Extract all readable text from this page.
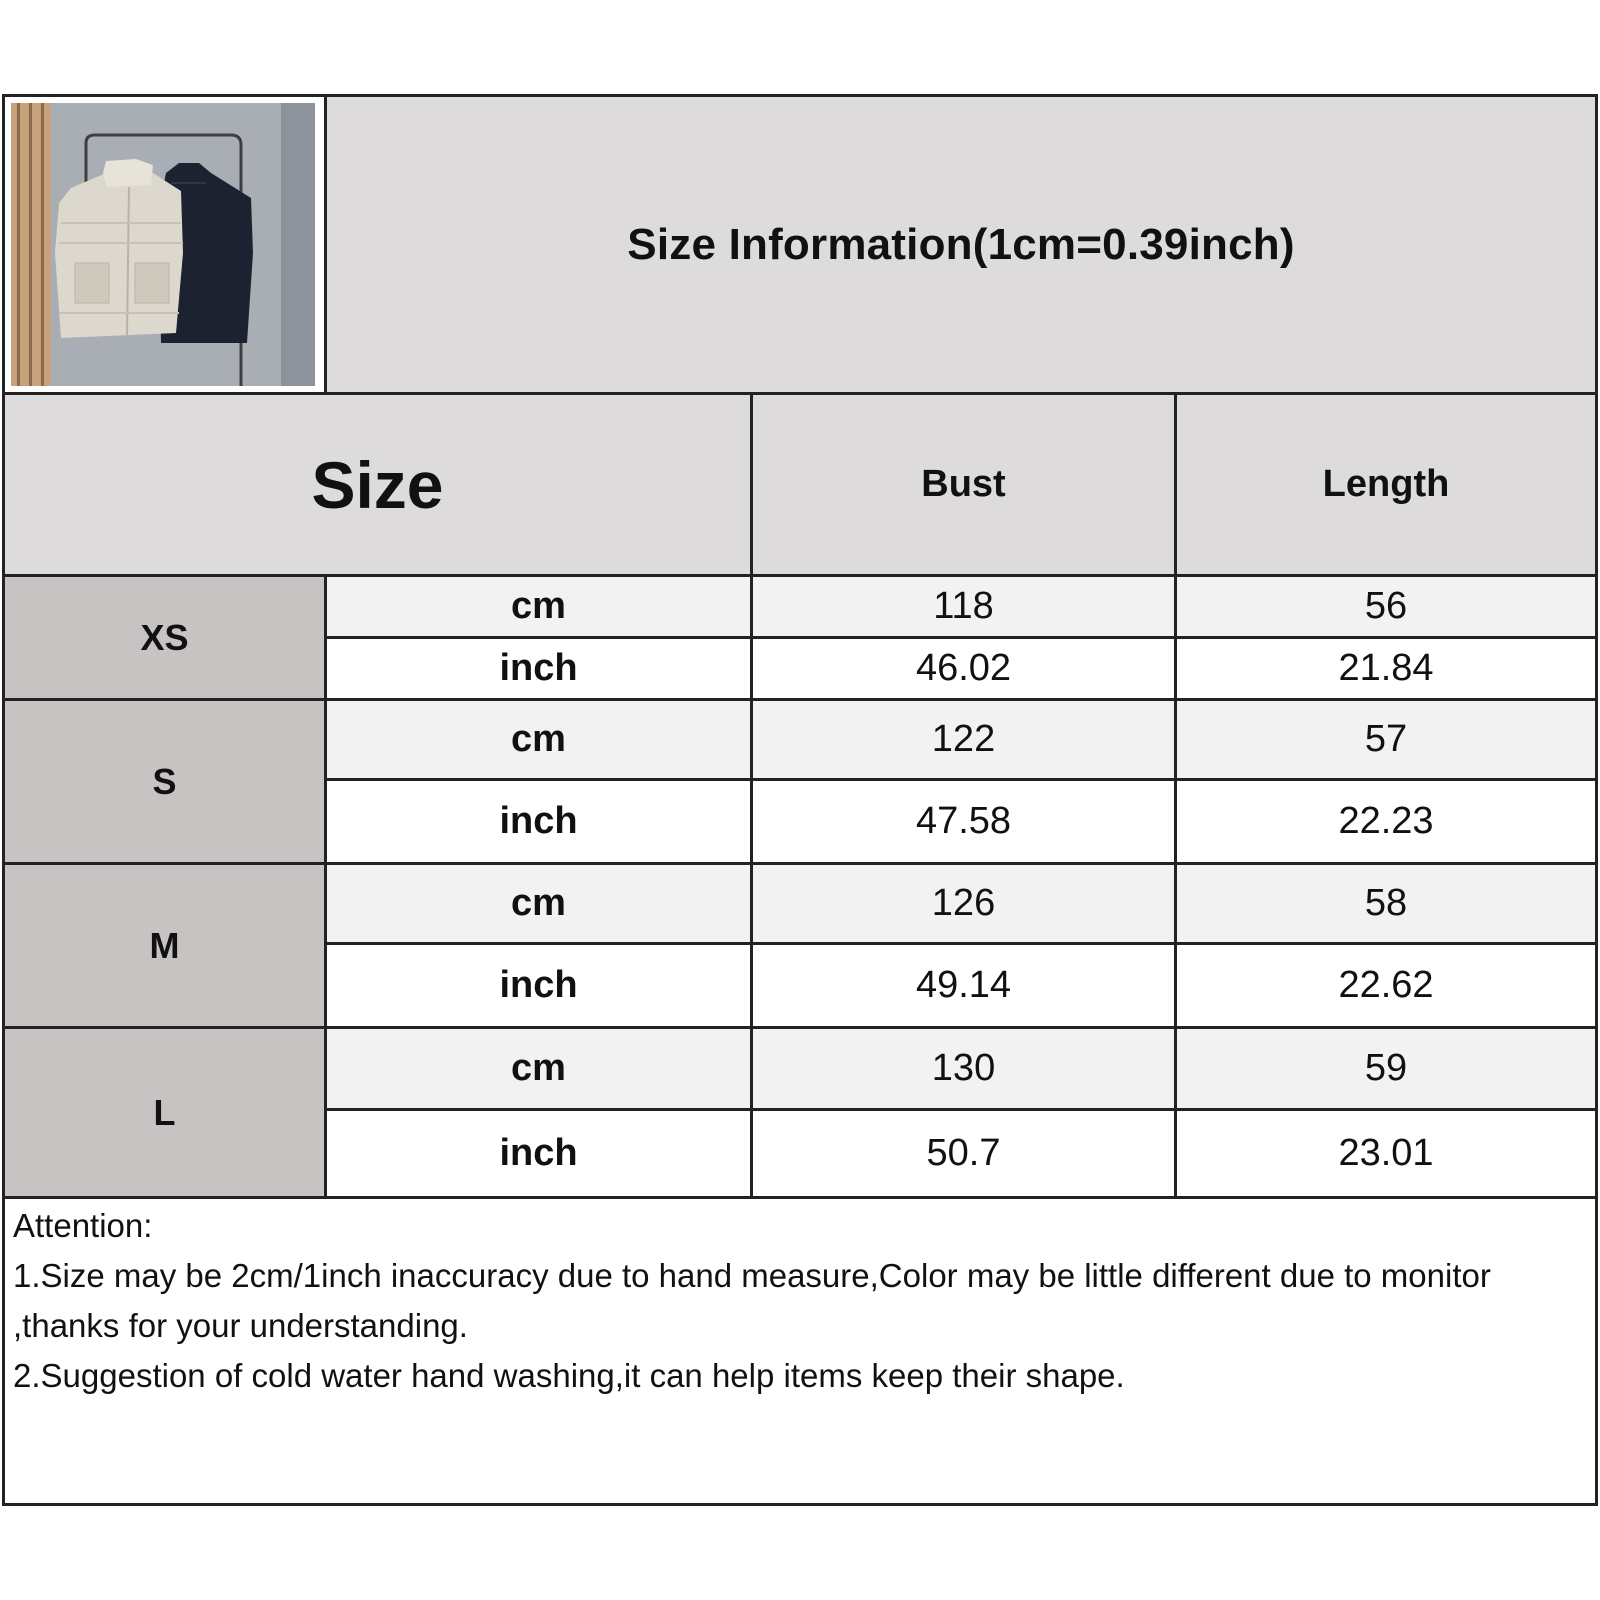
Size Information(1cm=0.39inch)
Size	Bust	Length
XS
cm	118	56
inch	46.02	21.84
S
cm	122	57
inch	47.58	22.23
M
cm	126	58
inch	49.14	22.62
L
cm	130	59
inch	50.7	23.01

Attention:

1.Size may be 2cm/1inch inaccuracy due to hand measure,Color may be little different due to monitor ,thanks for your understanding.

2.Suggestion of cold water hand washing,it can help items keep their shape.
